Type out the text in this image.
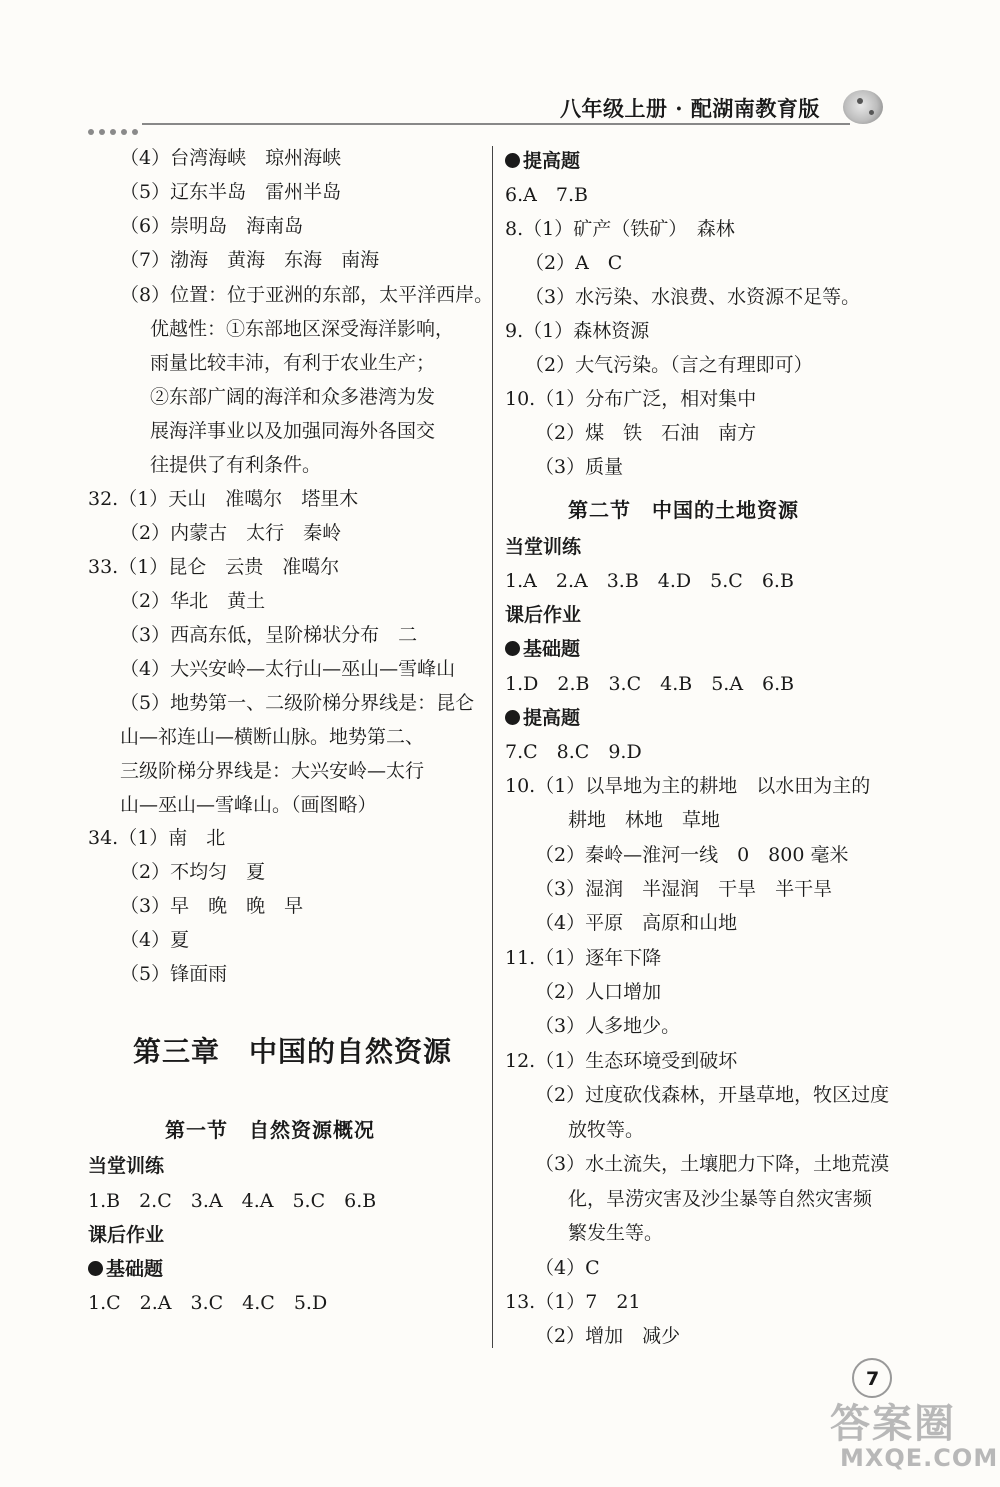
八年级上册 · 配湖南教育版
（4）台湾海峡　琼州海峡
（5）辽东半岛　雷州半岛
（6）崇明岛　海南岛
（7）渤海　黄海　东海　南海
（8）位置：位于亚洲的东部，太平洋西岸。
优越性：①东部地区深受海洋影响，
雨量比较丰沛，有利于农业生产；
②东部广阔的海洋和众多港湾为发
展海洋事业以及加强同海外各国交
往提供了有利条件。
32.（1）天山　准噶尔　塔里木
（2）内蒙古　太行　秦岭
33.（1）昆仑　云贵　准噶尔
（2）华北　黄土
（3）西高东低，呈阶梯状分布　二
（4）大兴安岭—太行山—巫山—雪峰山
（5）地势第一、二级阶梯分界线是：昆仑
山—祁连山—横断山脉。地势第二、
三级阶梯分界线是：大兴安岭—太行
山—巫山—雪峰山。（画图略）
34.（1）南　北
（2）不均匀　夏
（3）早　晚　晚　早
（4）夏
（5）锋面雨
第三章　中国的自然资源
第一节　自然资源概况
当堂训练
1.B　2.C　3.A　4.A　5.C　6.B
课后作业
基础题
1.C　2.A　3.C　4.C　5.D
提高题
6.A　7.B
8.（1）矿产（铁矿）　森林
（2）A　C
（3）水污染、水浪费、水资源不足等。
9.（1）森林资源
（2）大气污染。（言之有理即可）
10.（1）分布广泛，相对集中
（2）煤　铁　石油　南方
（3）质量
第二节　中国的土地资源
当堂训练
1.A　2.A　3.B　4.D　5.C　6.B
课后作业
基础题
1.D　2.B　3.C　4.B　5.A　6.B
提高题
7.C　8.C　9.D
10.（1）以旱地为主的耕地　以水田为主的
耕地　林地　草地
（2）秦岭—淮河一线　0　800 毫米
（3）湿润　半湿润　干旱　半干旱
（4）平原　高原和山地
11.（1）逐年下降
（2）人口增加
（3）人多地少。
12.（1）生态环境受到破坏
（2）过度砍伐森林，开垦草地，牧区过度
放牧等。
（3）水土流失，土壤肥力下降，土地荒漠
化，旱涝灾害及沙尘暴等自然灾害频
繁发生等。
（4）C
13.（1）7　21
（2）增加　减少
7
答案圈
MXQE.COM
